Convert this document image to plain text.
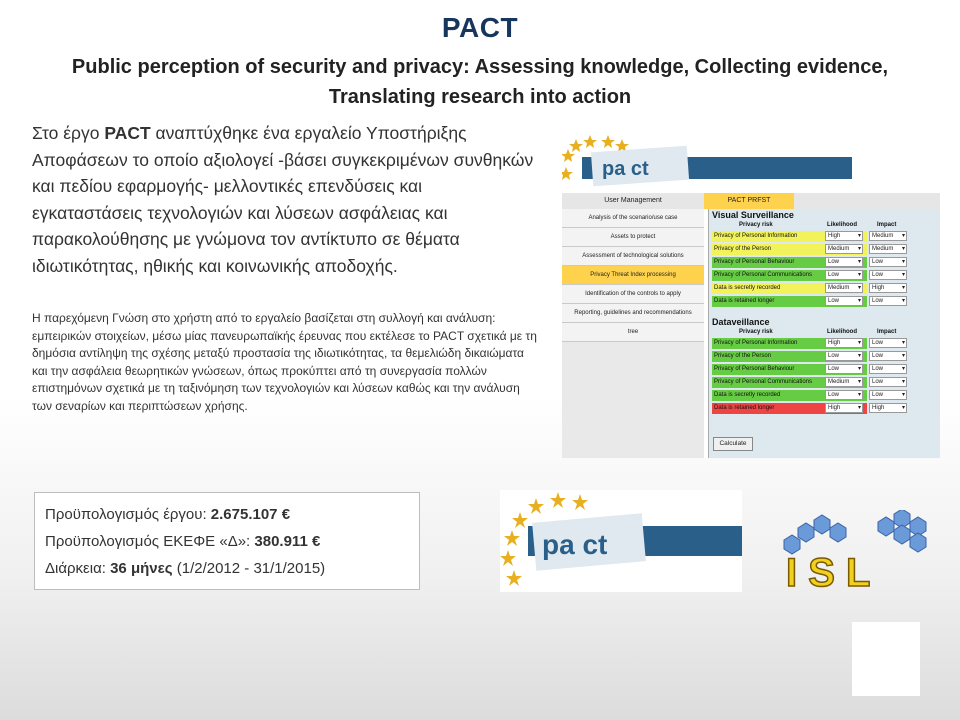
PACT
Public perception of security and privacy: Assessing knowledge, Collecting evidence, Translating research into action
Στο έργο PACT αναπτύχθηκε ένα εργαλείο Υποστήριξης Αποφάσεων το οποίο αξιολογεί -βάσει συγκεκριμένων συνθηκών και πεδίου εφαρμογής- μελλοντικές επενδύσεις και εγκαταστάσεις τεχνολογιών και λύσεων ασφάλειας και παρακολούθησης με γνώμονα τον αντίκτυπο σε θέματα ιδιωτικότητας, ηθικής και κοινωνικής αποδοχής.
Η παρεχόμενη Γνώση στο χρήστη από το εργαλείο βασίζεται στη συλλογή και ανάλυση: εμπειρικών στοιχείων, μέσω μίας πανευρωπαϊκής έρευνας που εκτέλεσε το PACT σχετικά με τη δημόσια αντίληψη της σχέσης μεταξύ προστασία της ιδιωτικότητας, τα θεμελιώδη δικαιώματα και την ασφάλεια θεωρητικών γνώσεων, όπως προκύπτει από τη συνεργασία πολλών επιστημόνων σχετικά με τη ταξινόμηση των τεχνολογιών και λύσεων καθώς και την ανάλυση των σεναρίων και περιπτώσεων χρήσης.
Προϋπολογισμός έργου: 2.675.107 €
Προϋπολογισμός ΕΚΕΦΕ «Δ»: 380.911 €
Διάρκεια: 36 μήνες (1/2/2012 - 31/1/2015)
pa ct
User Management	PACT PRFST
Analysis of the scenario/use case
Assets to protect
Assessment of technological solutions
Privacy Threat Index processing
Identification of the controls to apply
Reporting, guidelines and recommendations
tree
Visual Surveillance
Privacy risk	Likelihood	Impact
Privacy of Personal Information	High ▾	Medium ▾
Privacy of the Person	Medium ▾	Medium ▾
Privacy of Personal Behaviour	Low ▾	Low ▾
Privacy of Personal Communications	Low ▾	Low ▾
Data is secretly recorded	Medium ▾	High ▾
Data is retained longer	Low ▾	Low ▾
Dataveillance
Privacy risk	Likelihood	Impact
Privacy of Personal Information	High ▾	Low ▾
Privacy of the Person	Low ▾	Low ▾
Privacy of Personal Behaviour	Low ▾	Low ▾
Privacy of Personal Communications	Medium ▾	Low ▾
Data is secretly recorded	Low ▾	Low ▾
Data is retained longer	High ▾	High ▾
Calculate
pa ct
I S L
